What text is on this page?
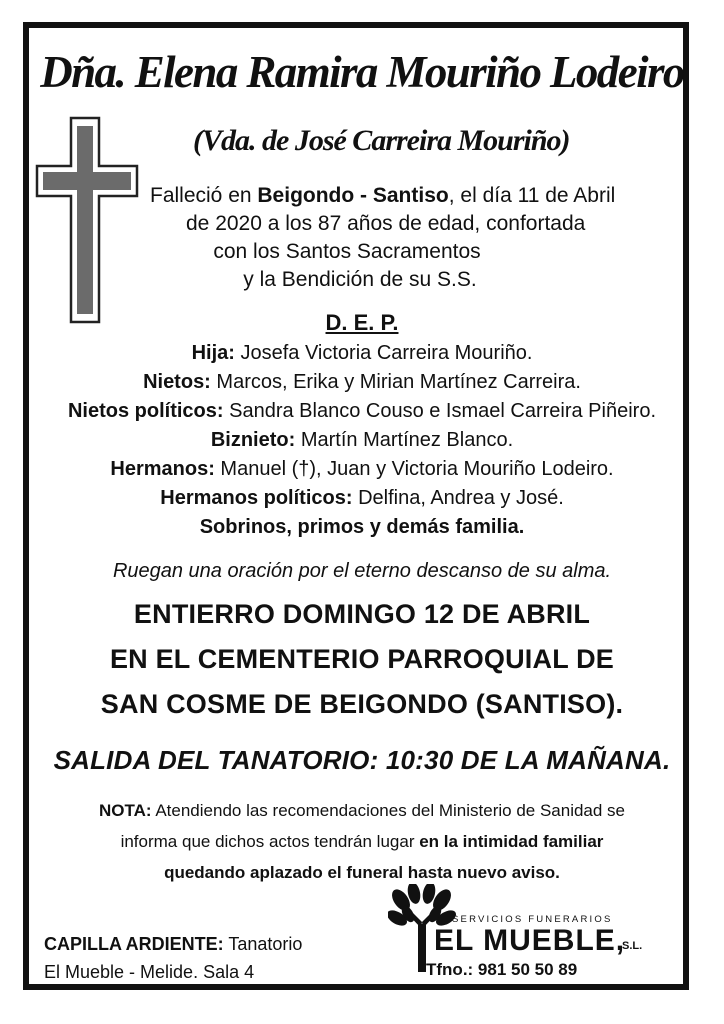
Dña. Elena Ramira Mouriño Lodeiro
(Vda. de José Carreira Mouriño)
Falleció en Beigondo - Santiso, el día 11 de Abril
de 2020 a los 87 años de edad, confortada
con los Santos Sacramentos
y la Bendición de su S.S.
D. E. P.
Hija: Josefa Victoria Carreira Mouriño.
Nietos: Marcos, Erika y Mirian Martínez Carreira.
Nietos políticos: Sandra Blanco Couso e Ismael Carreira Piñeiro.
Biznieto: Martín Martínez Blanco.
Hermanos: Manuel (†), Juan y Victoria Mouriño Lodeiro.
Hermanos políticos: Delfina, Andrea y José.
Sobrinos, primos y demás familia.
Ruegan una oración por el eterno descanso de su alma.
ENTIERRO DOMINGO 12 DE ABRIL
EN EL CEMENTERIO PARROQUIAL DE
SAN COSME DE BEIGONDO (SANTISO).
SALIDA DEL TANATORIO: 10:30 DE LA MAÑANA.
NOTA: Atendiendo las recomendaciones del Ministerio de Sanidad se
informa que dichos actos tendrán lugar en la intimidad familiar
quedando aplazado el funeral hasta nuevo aviso.
CAPILLA ARDIENTE: Tanatorio
El Mueble - Melide. Sala 4
SERVICIOS FUNERARIOS
EL MUEBLE,
S.L.
Tfno.: 981 50 50 89
